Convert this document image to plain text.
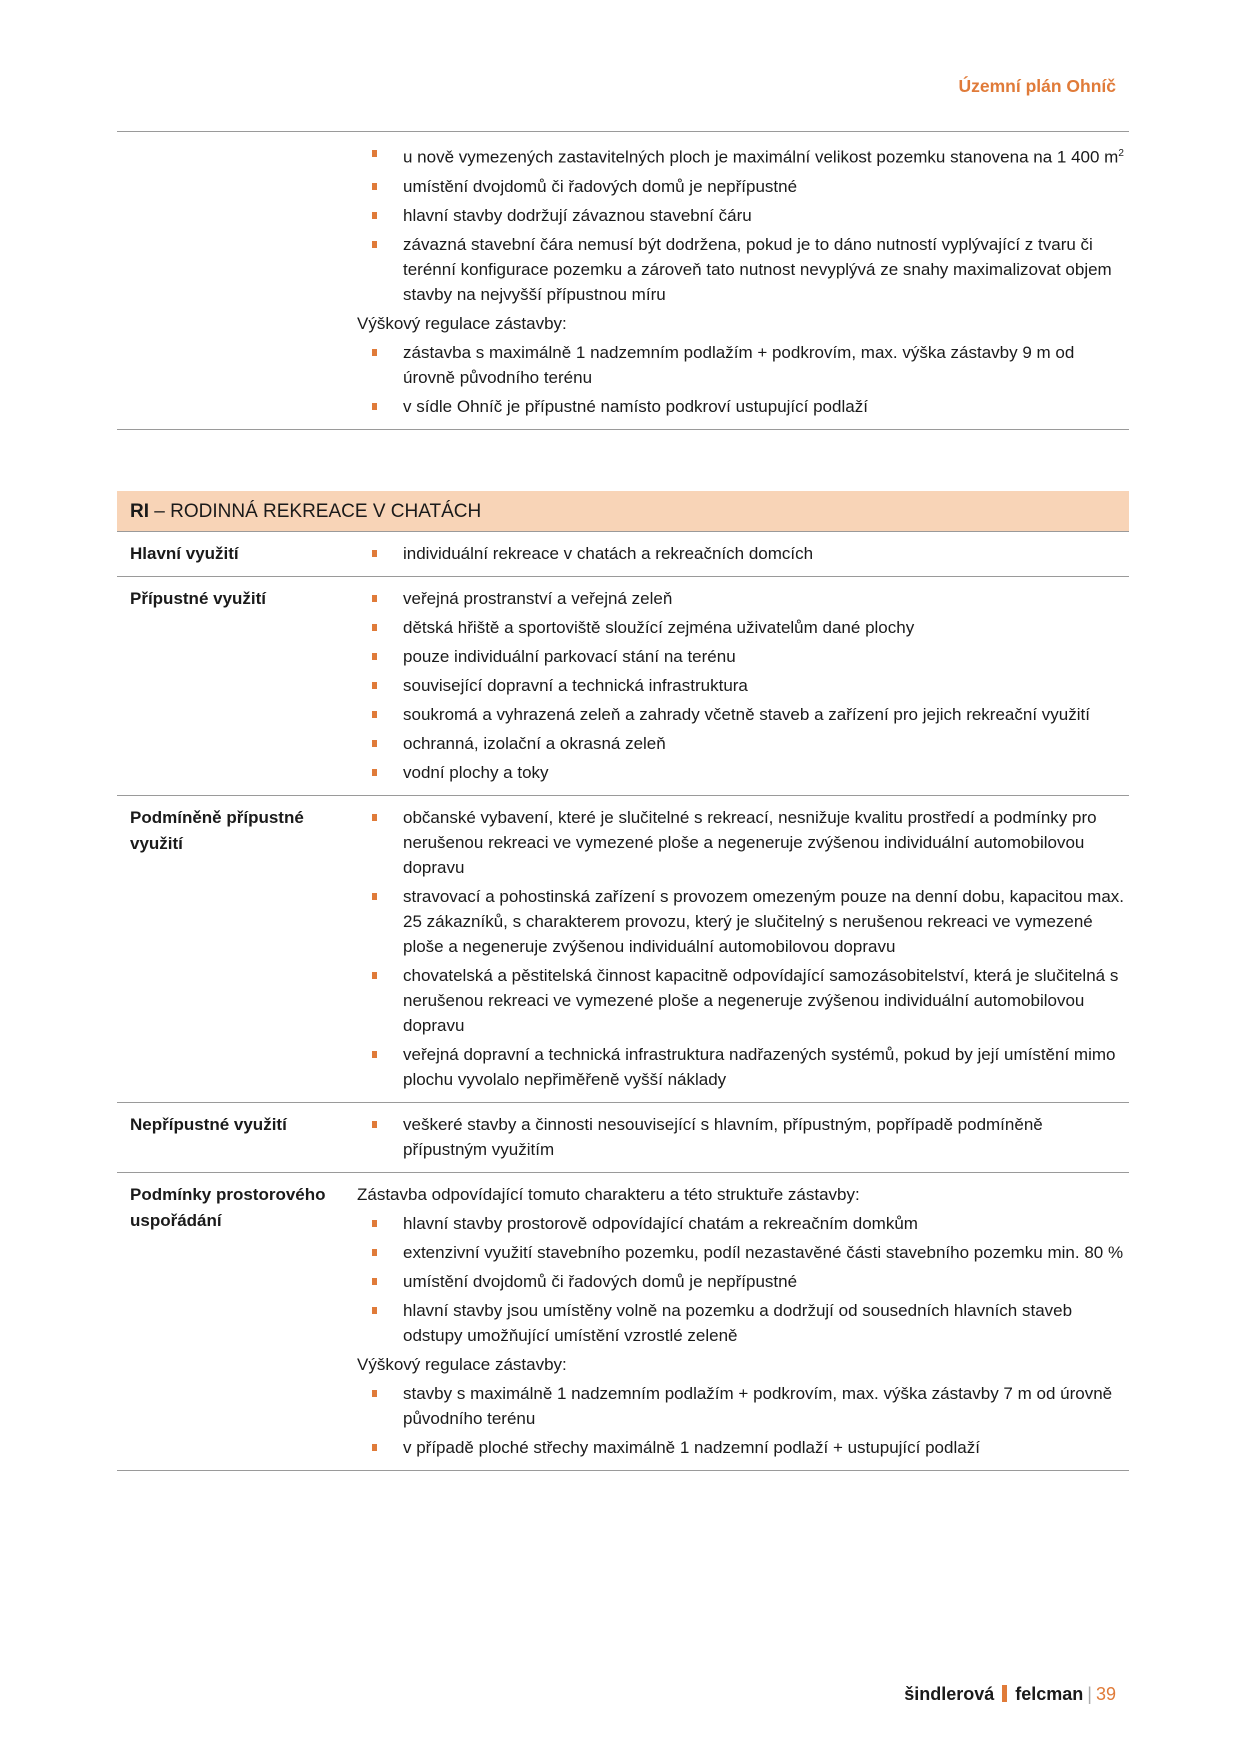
Územní plán Ohníč
u nově vymezených zastavitelných ploch je maximální velikost pozemku stanovena na 1 400 $m^2$
umístění dvojdomů či řadových domů je nepřípustné
hlavní stavby dodržují závaznou stavební čáru
závazná stavební čára nemusí být dodržena, pokud je to dáno nutností vyplývající z tvaru či terénní konfigurace pozemku a zároveň tato nutnost nevyplývá ze snahy maximalizovat objem stavby na nejvyšší přípustnou míru
Výškový regulace zástavby:
zástavba s maximálně 1 nadzemním podlažím + podkrovím, max. výška zástavby 9 m od úrovně původního terénu
v sídle Ohníč je přípustné namísto podkroví ustupující podlaží
RI – RODINNÁ REKREACE V CHATÁCH
Hlavní využití	individuální rekreace v chatách a rekreačních domcích
Přípustné využití	veřejná prostranství a veřejná zeleň
dětská hřiště a sportoviště sloužící zejména uživatelům dané plochy
pouze individuální parkovací stání na terénu
související dopravní a technická infrastruktura
soukromá a vyhrazená zeleň a zahrady včetně staveb a zařízení pro jejich rekreační využití
ochranná, izolační a okrasná zeleň
vodní plochy a toky
Podmíněně přípustné využití
občanské vybavení, které je slučitelné s rekreací, nesnižuje kvalitu prostředí a podmínky pro nerušenou rekreaci ve vymezené ploše a negeneruje zvýšenou individuální automobilovou dopravu
stravovací a pohostinská zařízení s provozem omezeným pouze na denní dobu, kapacitou max. 25 zákazníků, s charakterem provozu, který je slučitelný s nerušenou rekreaci ve vymezené ploše a negeneruje zvýšenou individuální automobilovou dopravu
chovatelská a pěstitelská činnost kapacitně odpovídající samozásobitelství, která je slučitelná s nerušenou rekreaci ve vymezené ploše a negeneruje zvýšenou individuální automobilovou dopravu
veřejná dopravní a technická infrastruktura nadřazených systémů, pokud by její umístění mimo plochu vyvolalo nepřiměřeně vyšší náklady
Nepřípustné využití	veškeré stavby a činnosti nesouvisející s hlavním, přípustným, popřípadě podmíněně přípustným využitím
Podmínky prostorového uspořádání
Zástavba odpovídající tomuto charakteru a této struktuře zástavby:
hlavní stavby prostorově odpovídající chatám a rekreačním domkům
extenzivní využití stavebního pozemku, podíl nezastavěné části stavebního pozemku min. 80 %
umístění dvojdomů či řadových domů je nepřípustné
hlavní stavby jsou umístěny volně na pozemku a dodržují od sousedních hlavních staveb odstupy umožňující umístění vzrostlé zeleně
Výškový regulace zástavby:
stavby s maximálně 1 nadzemním podlažím + podkrovím, max. výška zástavby 7 m od úrovně původního terénu
v případě ploché střechy maximálně 1 nadzemní podlaží + ustupující podlaží
šindlerová felcman | 39
